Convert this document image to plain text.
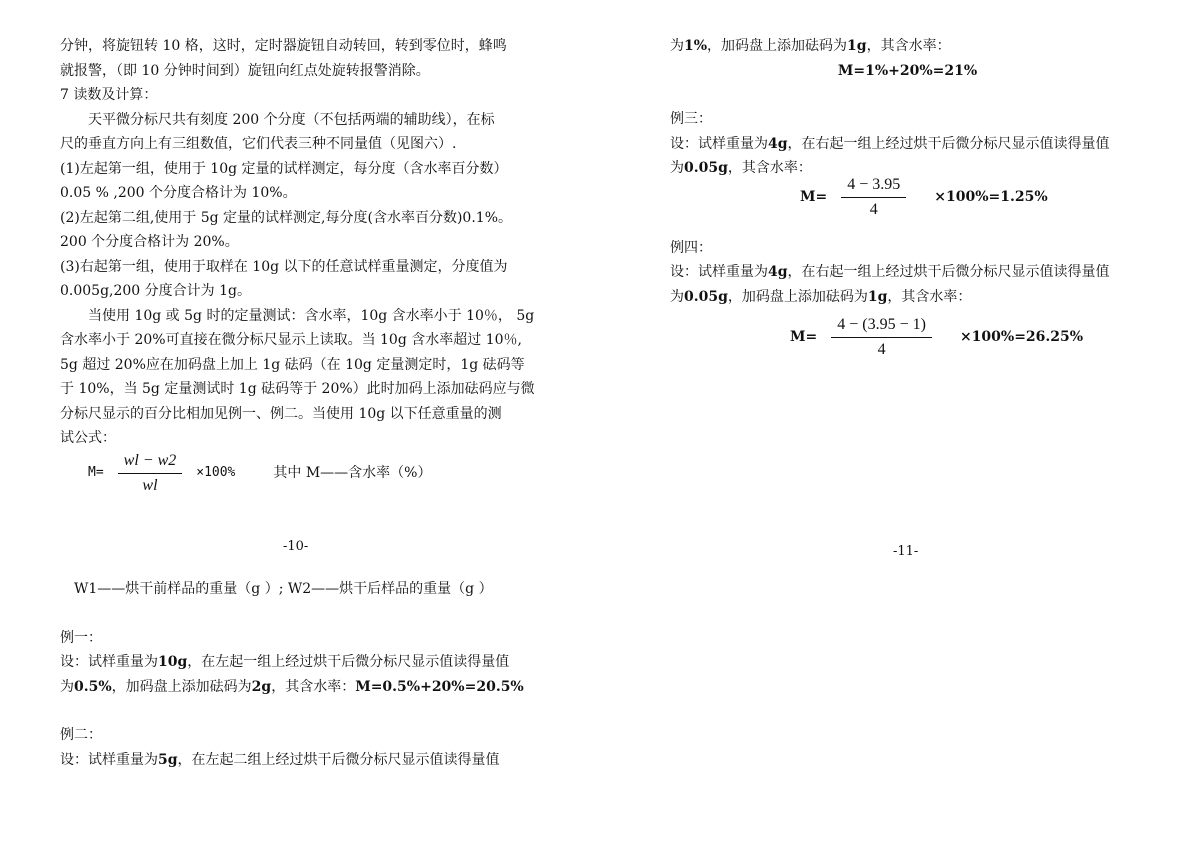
分钟，将旋钮转 10 格，这时，定时器旋钮自动转回，转到零位时，蜂鸣

就报警，（即 10 分钟时间到）旋钮向红点处旋转报警消除。

7 读数及计算：

天平微分标尺共有刻度 200 个分度（不包括两端的辅助线），在标

尺的垂直方向上有三组数值，它们代表三种不同量值（见图六）.

(1)左起第一组，使用于 10g 定量的试样测定，每分度（含水率百分数）

0.05 % ,200 个分度合格计为 10%。

(2)左起第二组,使用于 5g 定量的试样测定,每分度(含水率百分数)0.1%。

200 个分度合格计为 20%。

(3)右起第一组，使用于取样在 10g 以下的任意试样重量测定，分度值为

0.005g,200 分度合计为 1g。

当使用 10g 或 5g 时的定量测试：含水率，10g 含水率小于 10％， 5g

含水率小于 20%可直接在微分标尺显示上读取。当 10g 含水率超过 10％,

5g 超过 20%应在加码盘上加上 1g 砝码（在 10g 定量测定时，1g 砝码等

于 10%，当 5g 定量测试时 1g 砝码等于 20%）此时加码上添加砝码应与微

分标尺显示的百分比相加见例一、例二。当使用 10g 以下任意重量的测

试公式：

$M= \frac{wl - w2}{wl} \times 100\%$	其中 M——含水率（%）
-10-

W1——烘干前样品的重量（g ）; W2——烘干后样品的重量（g ）

例一：

设：试样重量为10g，在左起一组上经过烘干后微分标尺显示值读得量值

为0.5%，加码盘上添加砝码为2g，其含水率：M=0.5%+20%=20.5%

例二：

设：试样重量为5g，在左起二组上经过烘干后微分标尺显示值读得量值

为1%，加码盘上添加砝码为1g，其含水率：

M=1%+20%=21%

例三：

设：试样重量为4g，在右起一组上经过烘干后微分标尺显示值读得量值

为0.05g，其含水率：

$M= \frac{4 - 3.95}{4} \times 100\%=1.25\%$

例四：

设：试样重量为4g，在右起一组上经过烘干后微分标尺显示值读得量值

为0.05g，加码盘上添加砝码为1g，其含水率：

$M= \frac{4 - (3.95 - 1)}{4} \times 100\%=26.25\%$
-11-
